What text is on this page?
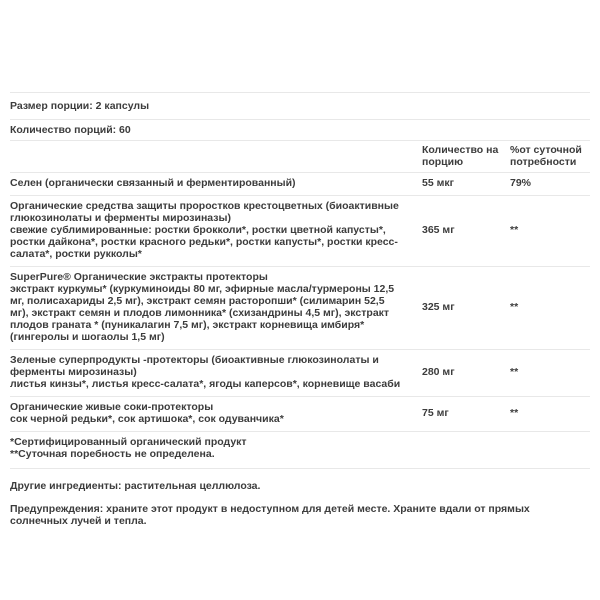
Размер порции: 2 капсулы
Количество порций: 60
Количество на порцию
%от суточной потребности
Селен (органически связанный и ферментированный)	55 мкг	79%
Органические средства защиты проростков крестоцветных (биоактивные глюкозинолаты и ферменты мирозиназы)
свежие сублимированные: ростки брокколи*, ростки цветной капусты*, ростки дайкона*, ростки красного редьки*, ростки капусты*, ростки кресс-салата*, ростки рукколы*
365 мг	**
SuperPure® Органические экстракты протекторы
экстракт куркумы* (куркуминоиды 80 мг, эфирные масла/турмероны 12,5 мг, полисахариды 2,5 мг), экстракт семян расторопши* (силимарин 52,5 мг), экстракт семян и плодов лимонника* (схизандрины 4,5 мг), экстракт плодов граната * (пуникалагин 7,5 мг), экстракт корневища имбиря* (гингеролы и шогаолы 1,5 мг)
325 мг	**
Зеленые суперпродукты -протекторы (биоактивные глюкозинолаты и ферменты мирозиназы)
листья кинзы*, листья кресс-салата*, ягоды каперсов*, корневище васаби
280 мг	**
Органические живые соки-протекторы
сок черной редьки*, сок артишока*, сок одуванчика*	75 мг	**
*Сертифицированный органический продукт
**Суточная поребность не определена.

Другие ингредиенты: растительная целлюлоза.

Предупреждения: храните этот продукт в недоступном для детей месте. Храните вдали от прямых солнечных лучей и тепла.
